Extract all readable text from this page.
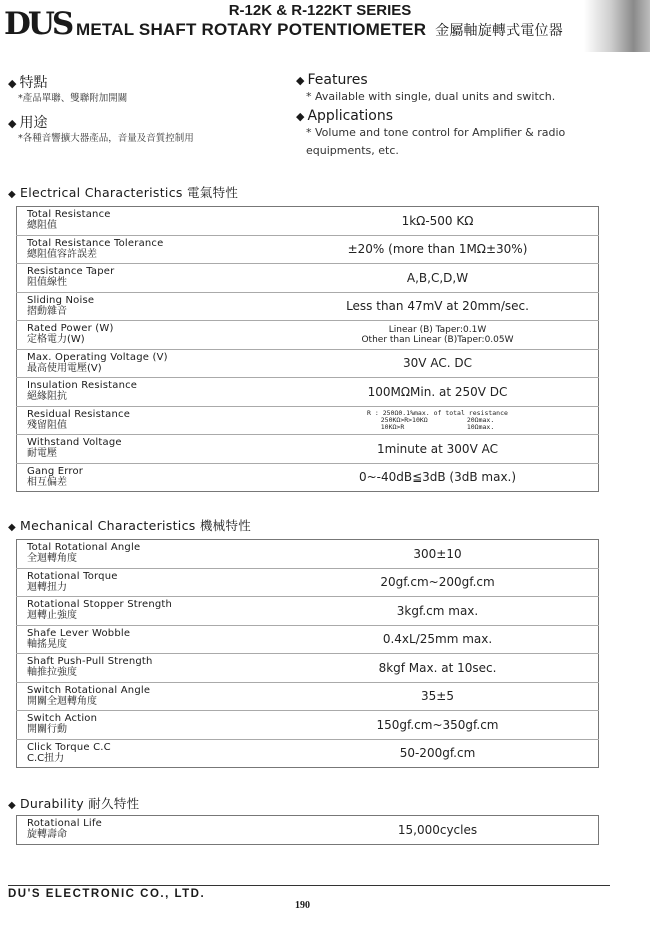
DUS	R-12K & R-122KT SERIES
METAL SHAFT ROTARY POTENTIOMETER 金屬軸旋轉式電位器
◆ 特點
*產品單聯、雙聯附加開關
◆ 用途
*各種音響擴大器產品，音量及音質控制用
◆ Features
* Available with single, dual units and switch.
◆ Applications
* Volume and tone control for Amplifier & radio equipments, etc.
◆ Electrical Characteristics 電氣特性
Total Resistance
總阻值	1kΩ-500 KΩ

Total Resistance Tolerance
總阻值容許誤差	±20% (more than 1MΩ±30%)

Resistance Taper
阻值線性	A,B,C,D,W

Sliding Noise
摺動雜音	Less than 47mV at 20mm/sec.

Rated Power (W)
定格電力(W)	Linear (B) Taper:0.1W
Other than Linear (B)Taper:0.05W

Max. Operating Voltage (V)
最高使用電壓(V)	30V AC. DC

Insulation Resistance
絕緣阻抗	100MΩMin. at 250V DC

Residual Resistance
殘留阻值	R : 250Ω0.1%max. of total resistance
250KΩ>R>10KΩ          20Ωmax.
10KΩ>R                10Ωmax.

Withstand Voltage
耐電壓	1minute at 300V AC

Gang Error
相互偏差	0~-40dB≦3dB (3dB max.)
◆ Mechanical Characteristics 機械特性
Total Rotational Angle
全迴轉角度	300±10

Rotational Torque
迴轉扭力	20gf.cm~200gf.cm

Rotational Stopper Strength
迴轉止強度	3kgf.cm max.

Shafe Lever Wobble
軸搖晃度	0.4xL/25mm max.

Shaft Push-Pull Strength
軸推拉強度	8kgf Max. at 10sec.

Switch Rotational Angle
開關全迴轉角度	35±5

Switch Action
開關行動	150gf.cm~350gf.cm

Click Torque C.C
C.C扭力	50-200gf.cm
◆ Durability 耐久特性
Rotational Life
旋轉壽命	15,000cycles
DU'S ELECTRONIC CO., LTD.
190
